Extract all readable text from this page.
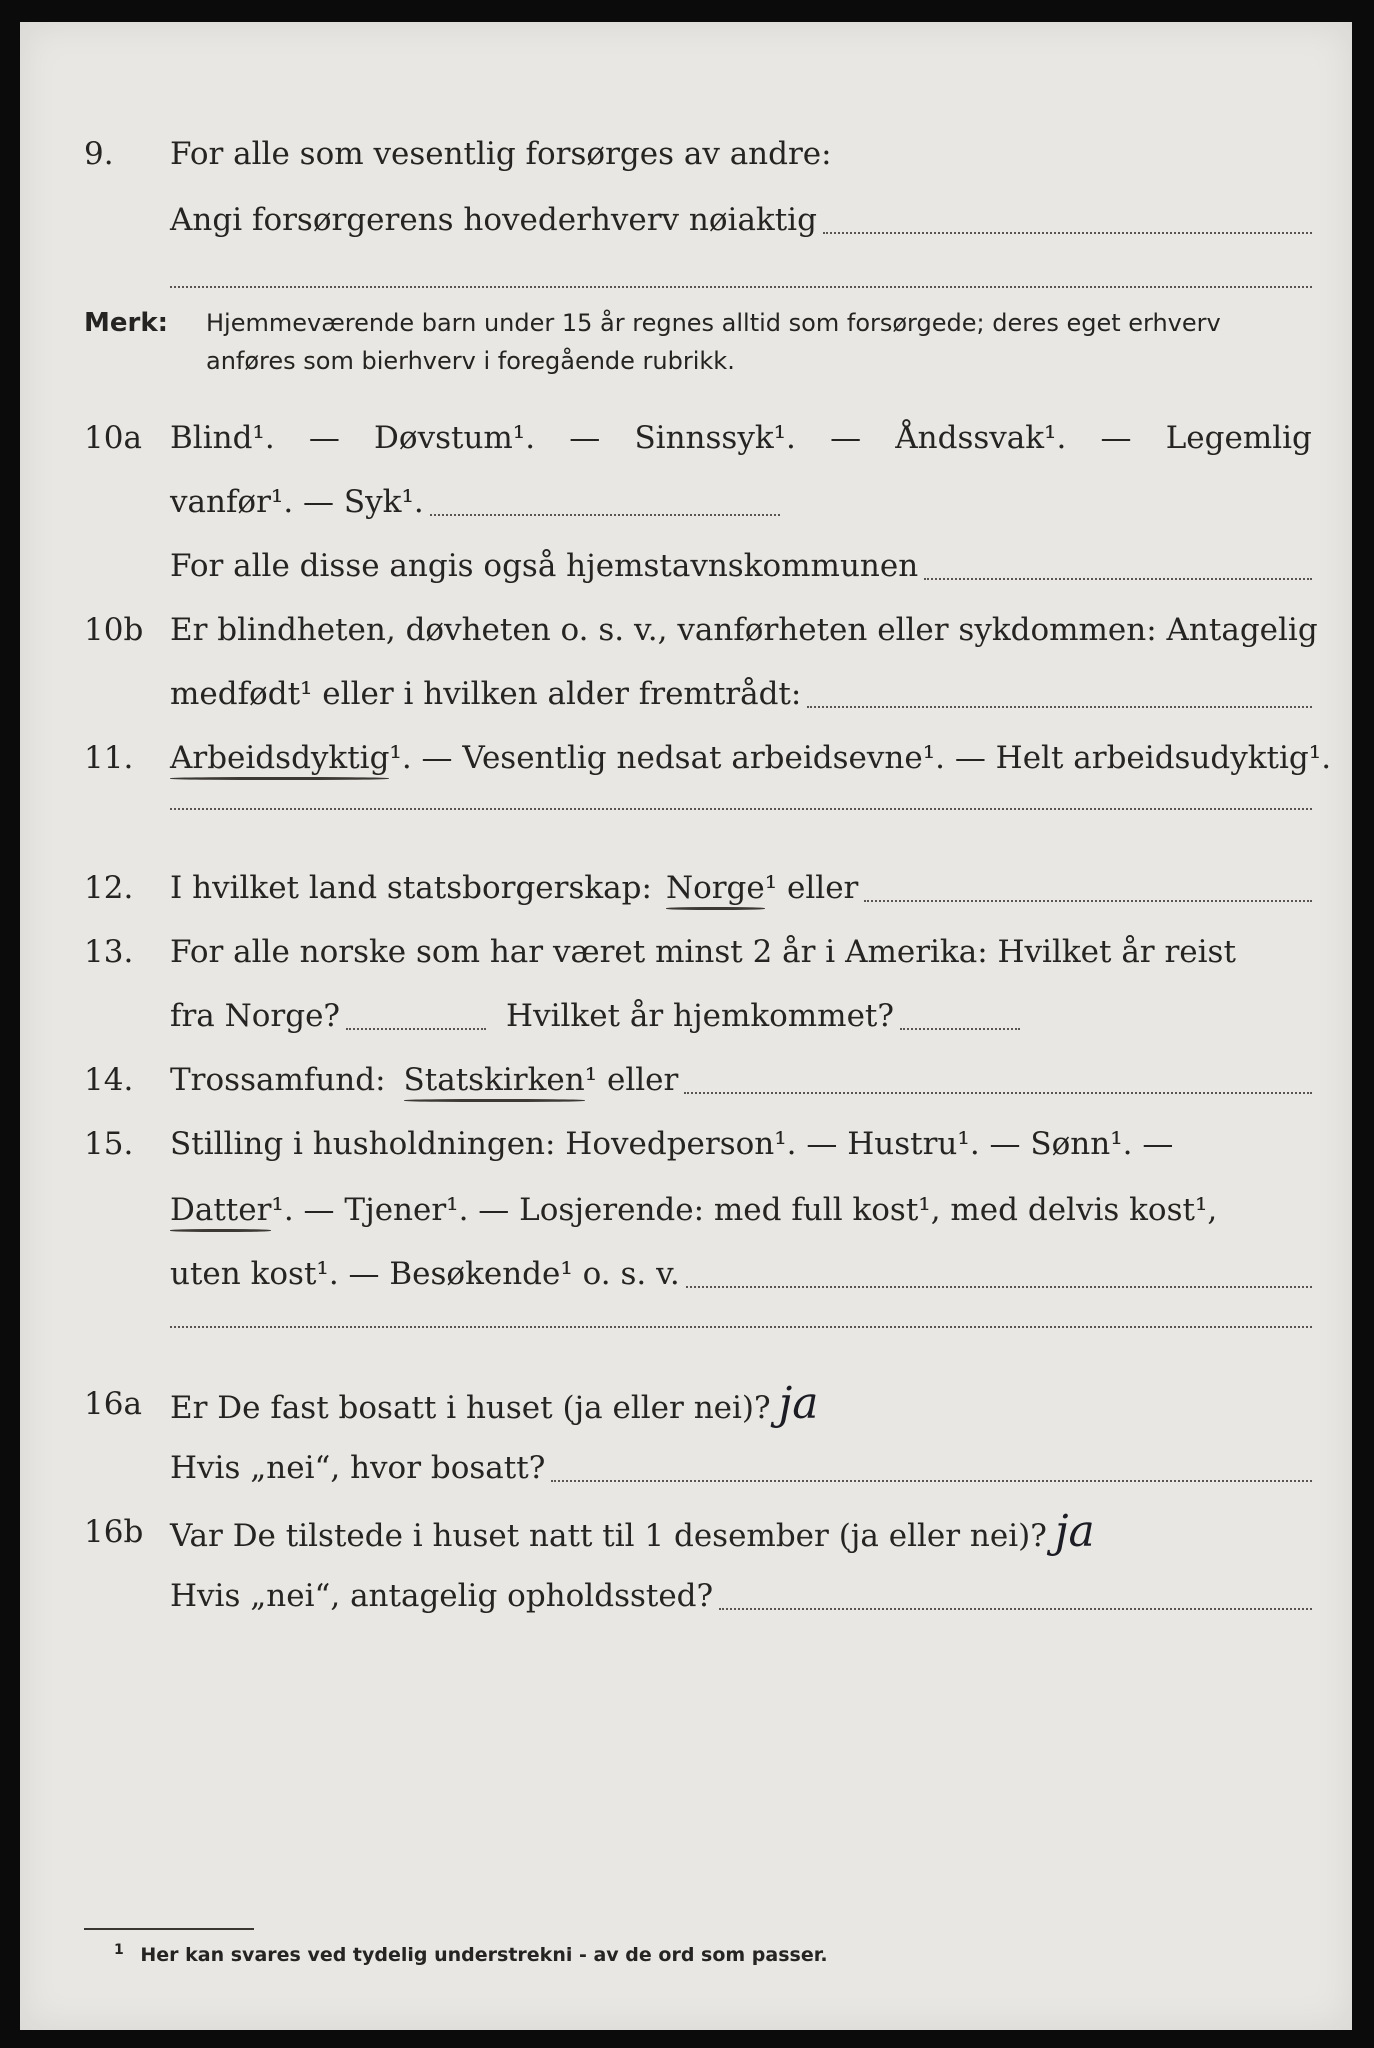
9. For alle som vesentlig forsørges av andre:
Angi forsørgerens hovederhverv nøiaktig
Merk: Hjemmeværende barn under 15 år regnes alltid som forsørgede; deres eget erhverv
anføres som bierhverv i foregående rubrikk.
10a Blind¹. — Døvstum¹. — Sinnssyk¹. — Åndssvak¹. — Legemlig
vanfør¹. — Syk¹.
For alle disse angis også hjemstavnskommunen
10b Er blindheten, døvheten o. s. v., vanførheten eller sykdommen: Antagelig
medfødt¹ eller i hvilken alder fremtrådt:
11. Arbeidsdyktig ¹. — Vesentlig nedsat arbeidsevne¹. — Helt arbeidsudyktig¹.
12. I hvilket land statsborgerskap: Norge ¹ eller
13. For alle norske som har været minst 2 år i Amerika: Hvilket år reist
fra Norge?	Hvilket år hjemkommet?
14. Trossamfund: Statskirken ¹ eller
15. Stilling i husholdningen: Hovedperson¹. — Hustru¹. — Sønn¹. —
Datter ¹. — Tjener¹. — Losjerende: med full kost¹, med delvis kost¹,
uten kost¹. — Besøkende¹ o. s. v.
16a Er De fast bosatt i huset (ja eller nei)? ja
Hvis „nei“, hvor bosatt?
16b Var De tilstede i huset natt til 1 desember (ja eller nei)? ja
Hvis „nei“, antagelig opholdssted?
$^1$ Her kan svares ved tydelig understrekni - av de ord som passer.
